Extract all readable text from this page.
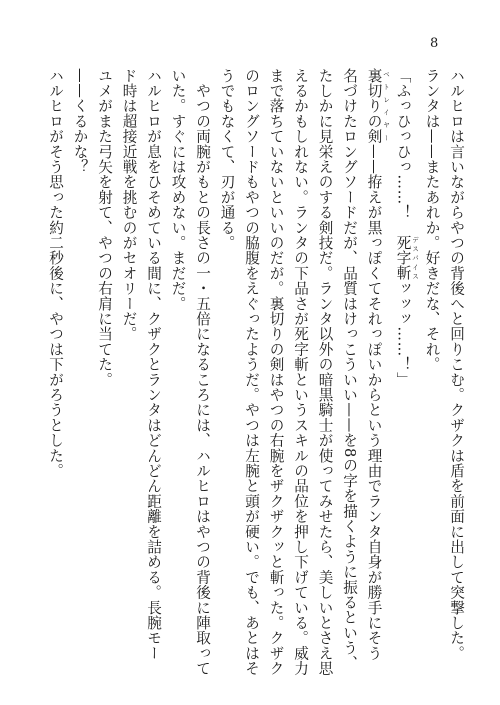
8
ハルヒロは言いながらやつの背後へと回りこむ。クザクは盾を前面に出して突撃した。
ランタは——またあれか。好きだな、それ。
「ふっひっひっ……！　死字斬 デスパイスッッッ……！」
裏切りの剣 ベトレイヤー——拵えが黒っぽくてそれっぽいからという理由でランタ自身が勝手にそう
名づけたロングソードだが、品質はけっこういい——を8の字を描くように振るという、
たしかに見栄えのする剣技だ。ランタ以外の暗黒騎士が使ってみせたら、美しいとさえ思
えるかもしれない。ランタの下品さが死字斬というスキルの品位を押し下げている。威力
まで落ちていないといいのだが。裏切りの剣はやつの右腕をザクザクッと斬った。クザク
のロングソードもやつの脇腹をえぐったようだ。やつは左腕と頭が硬い。でも、あとはそ
うでもなくて、刃が通る。
　やつの両腕がもとの長さの一・五倍になるころには、ハルヒロはやつの背後に陣取って
いた。すぐには攻めない。まだだ。
ハルヒロが息をひそめている間に、クザクとランタはどんどん距離を詰める。長腕モー
ド時は超接近戦を挑むのがセオリーだ。
ユメがまた弓矢を射て、やつの右肩に当てた。
——くるかな？
ハルヒロがそう思った約二秒後に、やつは下がろうとした。
